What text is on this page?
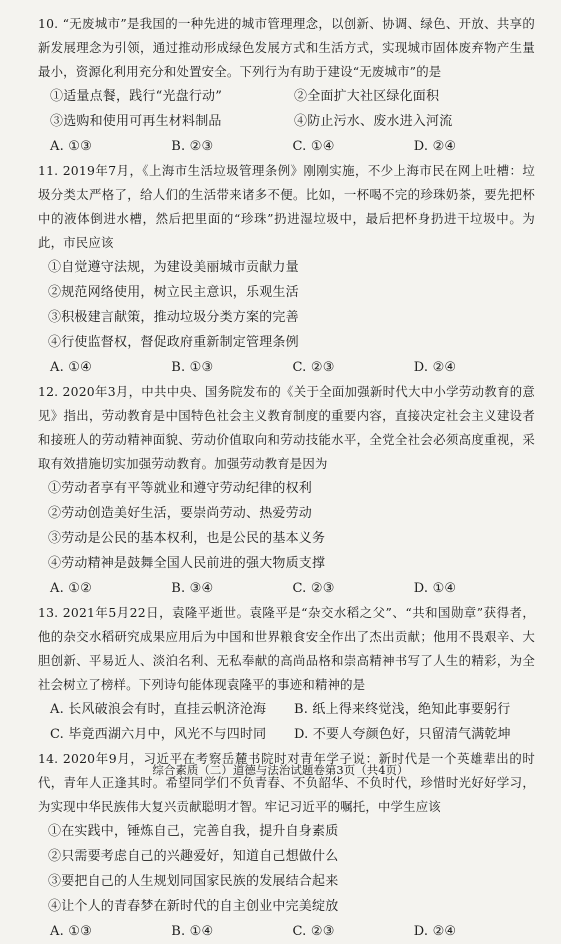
10. “无废城市”是我国的一种先进的城市管理理念，以创新、协调、绿色、开放、共享的新发展理念为引领，通过推动形成绿色发展方式和生活方式，实现城市固体废弃物产生量最小，资源化利用充分和处置安全。下列行为有助于建设“无废城市”的是
①适量点餐，践行“光盘行动”	②全面扩大社区绿化面积
③选购和使用可再生材料制品	④防止污水、废水进入河流
A. ①③	B. ②③	C. ①④	D. ②④
11. 2019年7月，《上海市生活垃圾管理条例》刚刚实施，不少上海市民在网上吐槽：垃圾分类太严格了，给人们的生活带来诸多不便。比如，一杯喝不完的珍珠奶茶，要先把杯中的液体倒进水槽，然后把里面的“珍珠”扔进湿垃圾中，最后把杯身扔进干垃圾中。为此，市民应该
①自觉遵守法规，为建设美丽城市贡献力量
②规范网络使用，树立民主意识，乐观生活
③积极建言献策，推动垃圾分类方案的完善
④行使监督权，督促政府重新制定管理条例
A. ①④	B. ①③	C. ②③	D. ②④
12. 2020年3月，中共中央、国务院发布的《关于全面加强新时代大中小学劳动教育的意见》指出，劳动教育是中国特色社会主义教育制度的重要内容，直接决定社会主义建设者和接班人的劳动精神面貌、劳动价值取向和劳动技能水平，全党全社会必须高度重视，采取有效措施切实加强劳动教育。加强劳动教育是因为
①劳动者享有平等就业和遵守劳动纪律的权利
②劳动创造美好生活，要崇尚劳动、热爱劳动
③劳动是公民的基本权利，也是公民的基本义务
④劳动精神是鼓舞全国人民前进的强大物质支撑
A. ①②	B. ③④	C. ②③	D. ①④
13. 2021年5月22日，袁隆平逝世。袁隆平是“杂交水稻之父”、“共和国勋章”获得者，他的杂交水稻研究成果应用后为中国和世界粮食安全作出了杰出贡献；他用不畏艰辛、大胆创新、平易近人、淡泊名利、无私奉献的高尚品格和崇高精神书写了人生的精彩，为全社会树立了榜样。下列诗句能体现袁隆平的事迹和精神的是
A. 长风破浪会有时，直挂云帆济沧海	B. 纸上得来终觉浅，绝知此事要躬行
C. 毕竟西湖六月中，风光不与四时同	D. 不要人夸颜色好，只留清气满乾坤
14. 2020年9月，习近平在考察岳麓书院时对青年学子说：新时代是一个英雄辈出的时代，青年人正逢其时。希望同学们不负青春、不负韶华、不负时代，珍惜时光好好学习，为实现中华民族伟大复兴贡献聪明才智。牢记习近平的嘱托，中学生应该
①在实践中，锤炼自己，完善自我，提升自身素质
②只需要考虑自己的兴趣爱好，知道自己想做什么
③要把自己的人生规划同国家民族的发展结合起来
④让个人的青春梦在新时代的自主创业中完美绽放
A. ①③	B. ①④	C. ②③	D. ②④
综合素质（二）道德与法治试题卷第3页（共4页）
